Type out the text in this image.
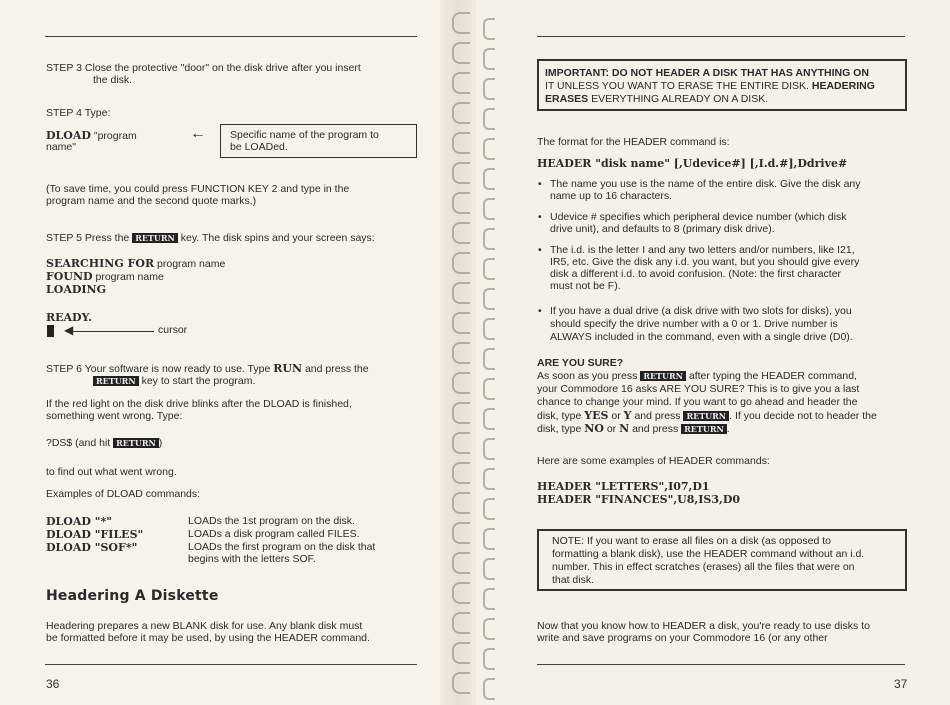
STEP 3 Close the protective "door" on the disk drive after you insert
the disk.
STEP 4 Type:
DLOAD "program
name"
← Specific name of the program to
be LOADed.
(To save time, you could press FUNCTION KEY 2 and type in the
program name and the second quote marks.)
STEP 5 Press the RETURN key. The disk spins and your screen says:
SEARCHING FOR program name
FOUND program name
LOADING
READY.
◀	cursor
STEP 6 Your software is now ready to use. Type RUN and press the
RETURN key to start the program.
If the red light on the disk drive blinks after the DLOAD is finished,
something went wrong. Type:
?DS$ (and hit RETURN )
to find out what went wrong.
Examples of DLOAD commands:
DLOAD "*"	LOADs the 1st program on the disk.
DLOAD "FILES"	LOADs a disk program called FILES.
DLOAD "SOF*"	LOADs the first program on the disk that
begins with the letters SOF.
Headering A Diskette
Headering prepares a new BLANK disk for use. Any blank disk must
be formatted before it may be used, by using the HEADER command.
36
IMPORTANT: DO NOT HEADER A DISK THAT HAS ANYTHING ON
IT UNLESS YOU WANT TO ERASE THE ENTIRE DISK. HEADERING
ERASES EVERYTHING ALREADY ON A DISK.
The format for the HEADER command is:
HEADER "disk name" [,Udevice#] [,I.d.#],Ddrive#
• The name you use is the name of the entire disk. Give the disk any
name up to 16 characters.
• Udevice # specifies which peripheral device number (which disk
drive unit), and defaults to 8 (primary disk drive).
• The i.d. is the letter I and any two letters and/or numbers, like I21,
IR5, etc. Give the disk any i.d. you want, but you should give every
disk a different i.d. to avoid confusion. (Note: the first character
must not be F).
• If you have a dual drive (a disk drive with two slots for disks), you
should specify the drive number with a 0 or 1. Drive number is
ALWAYS included in the command, even with a single drive (D0).
ARE YOU SURE?
As soon as you press RETURN after typing the HEADER command,
your Commodore 16 asks ARE YOU SURE? This is to give you a last
chance to change your mind. If you want to go ahead and header the
disk, type YES or Y and press RETURN . If you decide not to header the
disk, type NO or N and press RETURN .
Here are some examples of HEADER commands:
HEADER "LETTERS",I07,D1
HEADER "FINANCES",U8,IS3,D0
NOTE: If you want to erase all files on a disk (as opposed to
formatting a blank disk), use the HEADER command without an i.d.
number. This in effect scratches (erases) all the files that were on
that disk.
Now that you know how to HEADER a disk, you're ready to use disks to
write and save programs on your Commodore 16 (or any other
37
